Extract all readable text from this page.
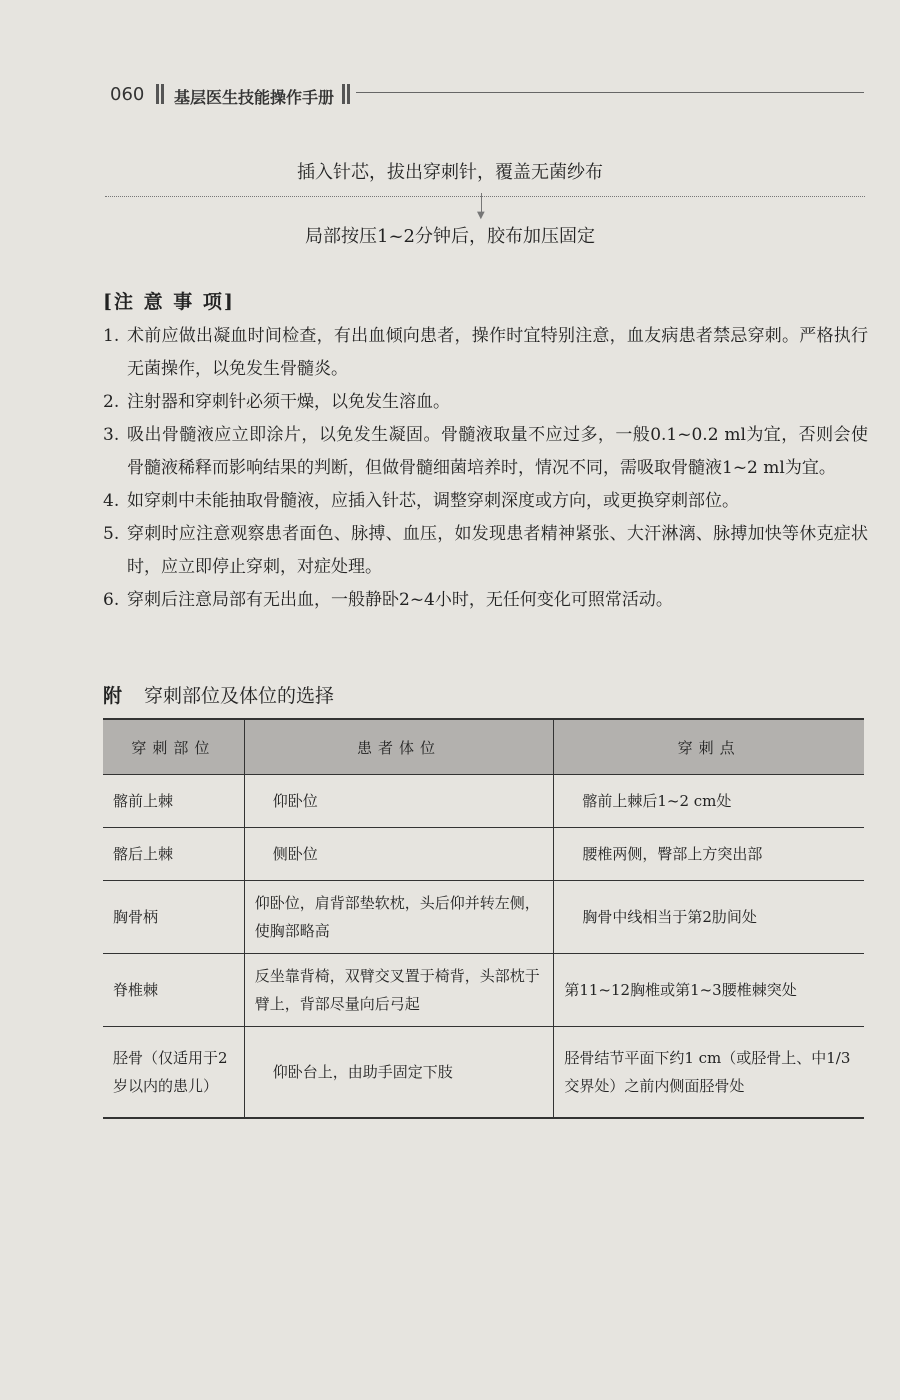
060 基层医生技能操作手册
插入针芯，拔出穿刺针，覆盖无菌纱布
▼
局部按压1~2分钟后，胶布加压固定
[注 意 事 项]
1. 术前应做出凝血时间检查，有出血倾向患者，操作时宜特别注意，血友病患者禁忌穿刺。严格执行无菌操作，以免发生骨髓炎。
2. 注射器和穿刺针必须干燥，以免发生溶血。
3. 吸出骨髓液应立即涂片，以免发生凝固。骨髓液取量不应过多，一般0.1~0.2 ml为宜，否则会使骨髓液稀释而影响结果的判断，但做骨髓细菌培养时，情况不同，需吸取骨髓液1~2 ml为宜。
4. 如穿刺中未能抽取骨髓液，应插入针芯，调整穿刺深度或方向，或更换穿刺部位。
5. 穿刺时应注意观察患者面色、脉搏、血压，如发现患者精神紧张、大汗淋漓、脉搏加快等休克症状时，应立即停止穿刺，对症处理。
6. 穿刺后注意局部有无出血，一般静卧2~4小时，无任何变化可照常活动。
附 穿刺部位及体位的选择
穿刺部位	患者体位	穿刺点
髂前上棘	仰卧位	髂前上棘后1~2 cm处
髂后上棘	侧卧位	腰椎两侧，臀部上方突出部
胸骨柄	仰卧位，肩背部垫软枕，头后仰并转左侧，使胸部略高	胸骨中线相当于第2肋间处
脊椎棘	反坐靠背椅，双臂交叉置于椅背，头部枕于臂上，背部尽量向后弓起	第11~12胸椎或第1~3腰椎棘突处
胫骨（仅适用于2岁以内的患儿）	仰卧台上，由助手固定下肢	胫骨结节平面下约1 cm（或胫骨上、中1/3交界处）之前内侧面胫骨处
